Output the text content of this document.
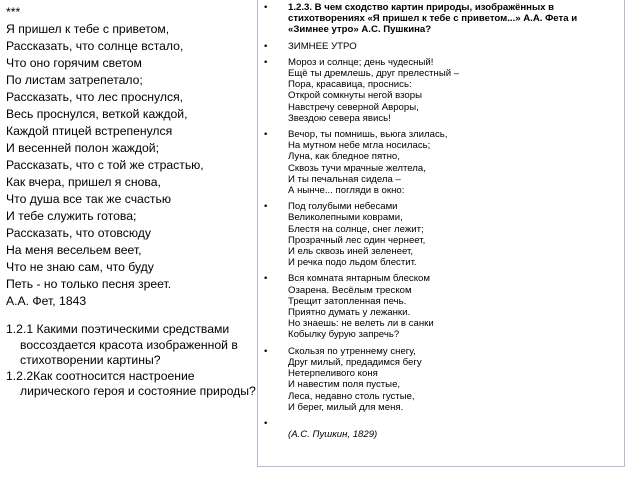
***
Я пришел к тебе с приветом,
Рассказать, что солнце встало,
Что оно горячим светом
По листам затрепетало;
Рассказать, что лес проснулся,
Весь проснулся, веткой каждой,
Каждой птицей встрепенулся
И весенней полон жаждой;
Рассказать, что с той же страстью,
Как вчера, пришел я снова,
Что душа все так же счастью
И тебе служить готова;
Рассказать, что отовсюду
На меня весельем веет,
Что не знаю сам, что буду
Петь - но только песня зреет.
А.А. Фет, 1843
1.2.1 Какими поэтическими средствами воссоздается красота изображенной в стихотворении картины?
1.2.2Как соотносится настроение лирического героя и состояние природы?
• 1.2.3. В чем сходство картин природы, изображённых в
стихотворениях «Я пришел к тебе с приветом...» А.А. Фета и
«Зимнее утро» А.С. Пушкина?
• ЗИМНЕЕ УТРО
• Мороз и солнце; день чудесный!
Ещё ты дремлешь, друг прелестный –
Пора, красавица, проснись:
Открой сомкнуты негой взоры
Навстречу северной Авроры,
Звездою севера явись!
• Вечор, ты помнишь, вьюга злилась,
На мутном небе мгла носилась;
Луна, как бледное пятно,
Сквозь тучи мрачные желтела,
И ты печальная сидела –
А нынче... погляди в окно:
• Под голубыми небесами
Великолепными коврами,
Блестя на солнце, снег лежит;
Прозрачный лес один чернеет,
И ель сквозь иней зеленеет,
И речка подо льдом блестит.
• Вся комната янтарным блеском
Озарена. Весёлым треском
Трещит затопленная печь.
Приятно думать у лежанки.
Но знаешь: не велеть ли в санки
Кобылку бурую запречь?
• Скользя по утреннему снегу,
Друг милый, предадимся бегу
Нетерпеливого коня
И навестим поля пустые,
Леса, недавно столь густые,
И берег, милый для меня.
•
(А.С. Пушкин, 1829)
